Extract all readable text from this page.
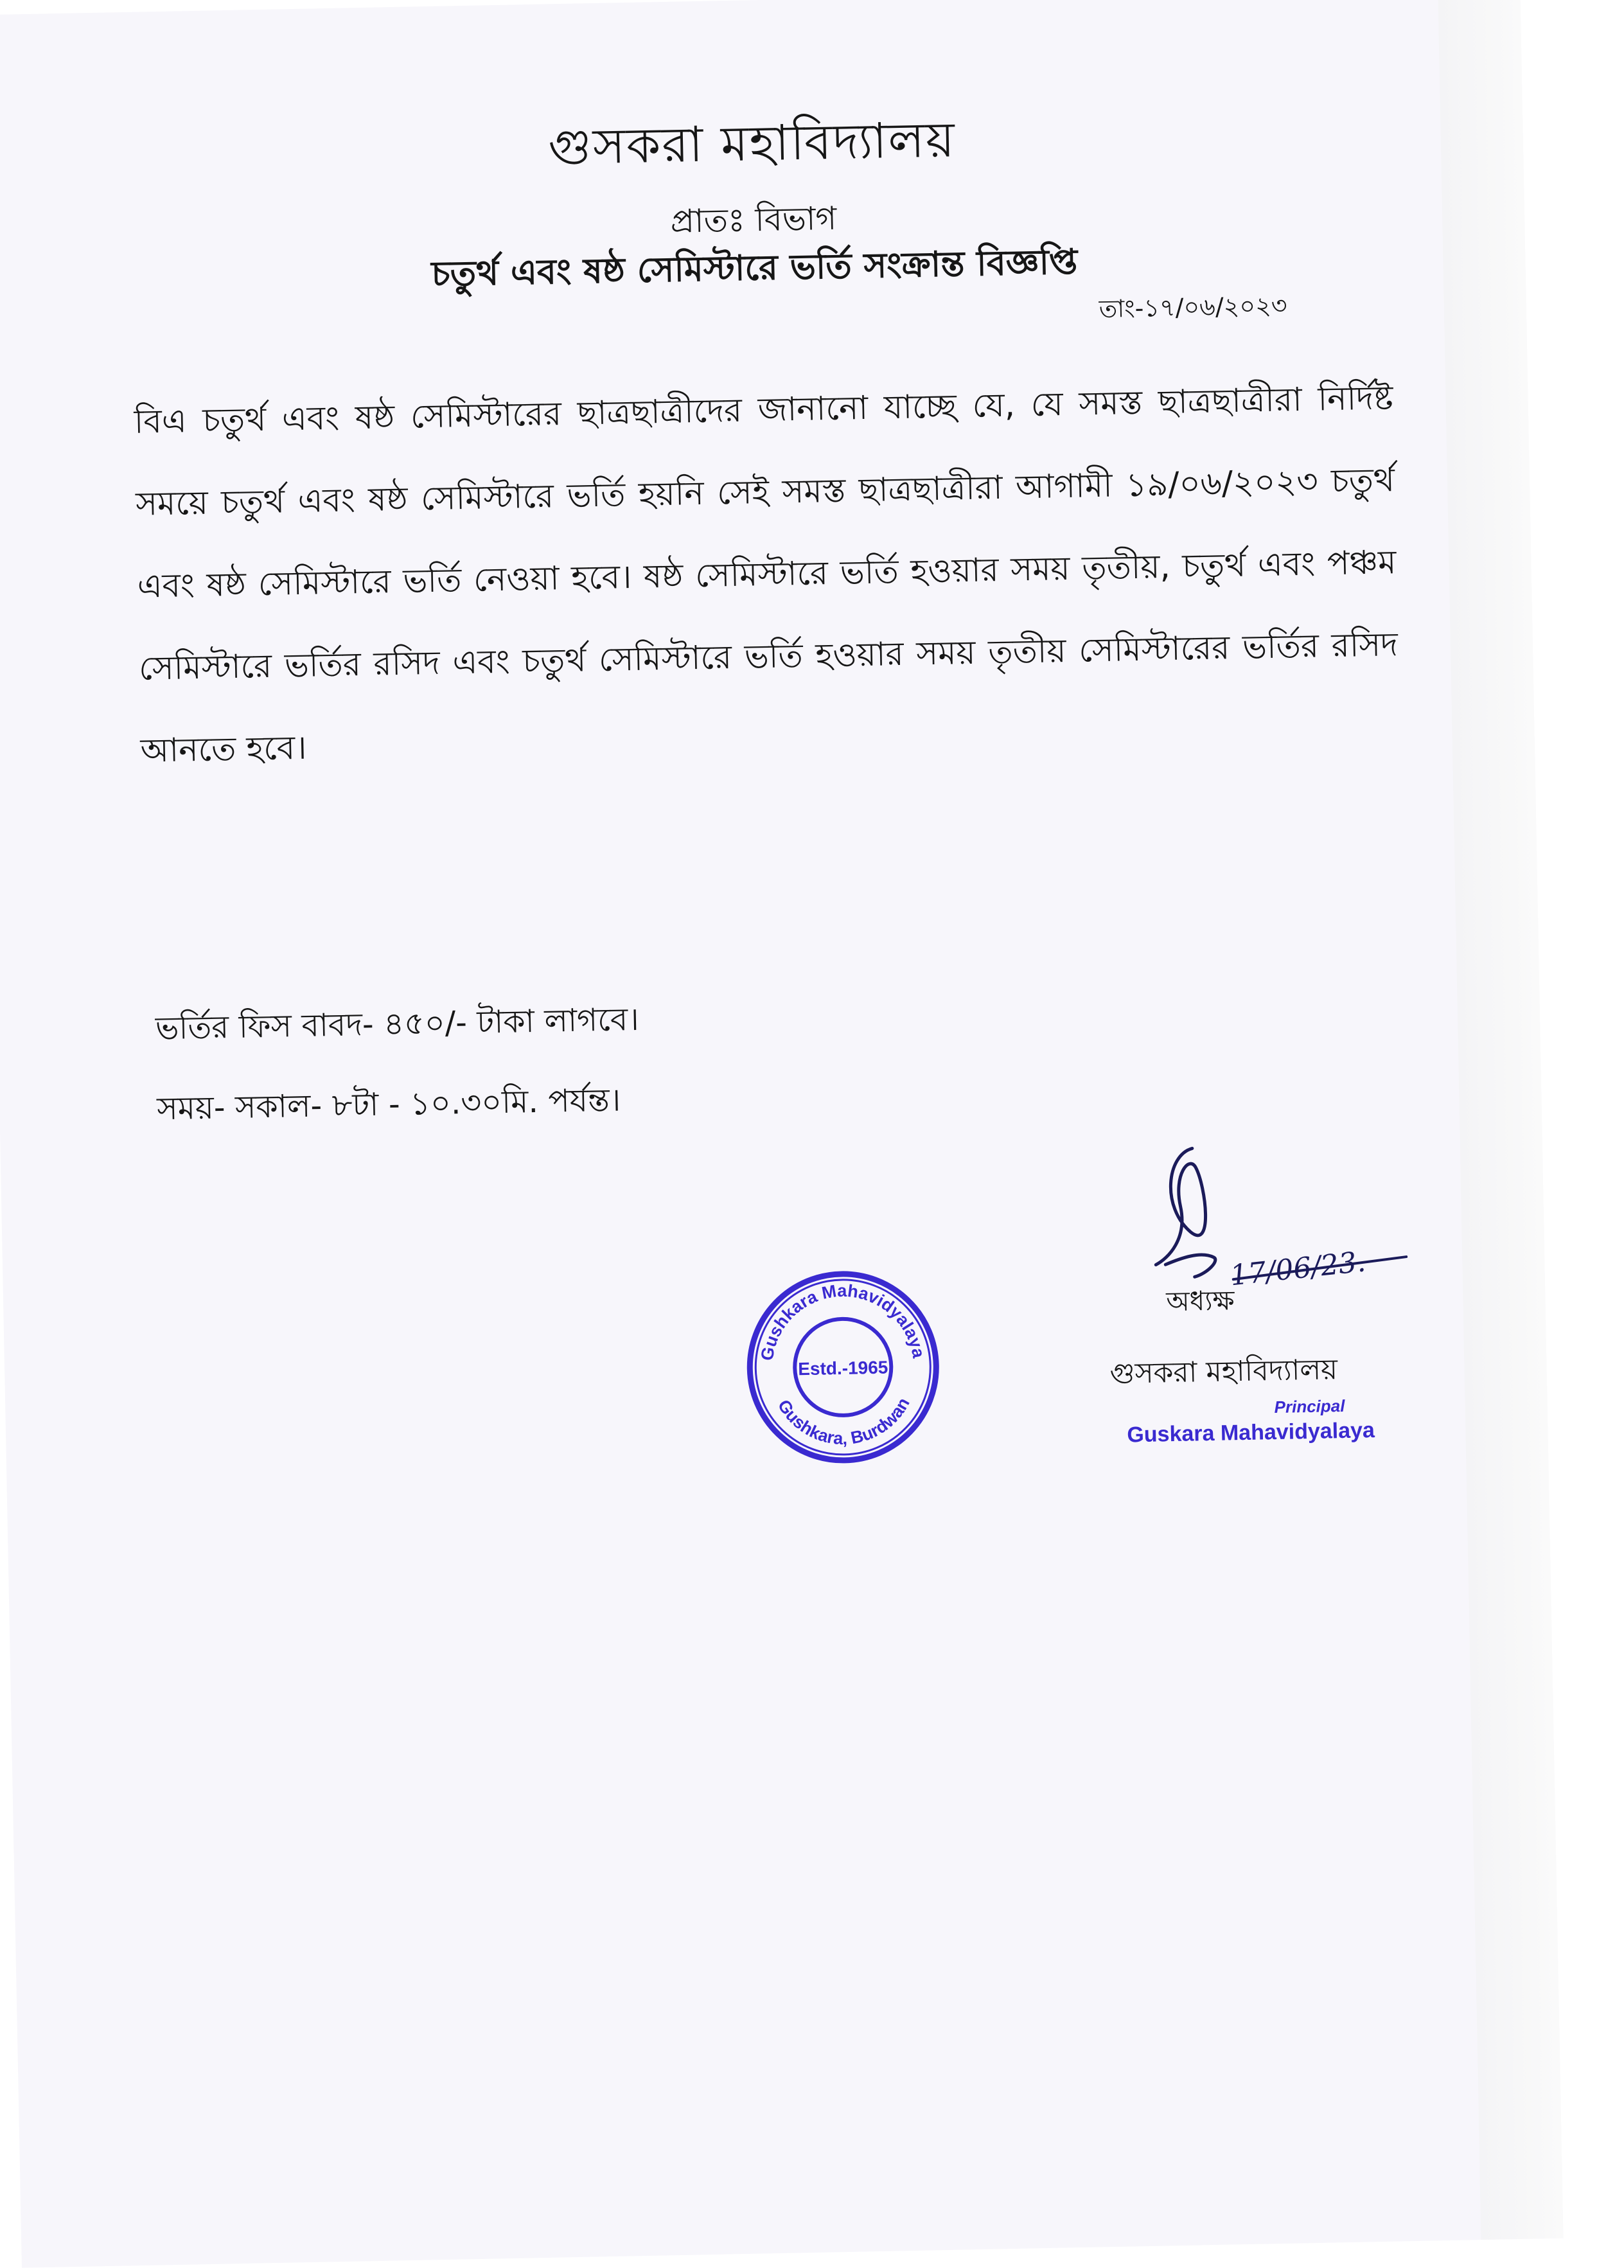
গুসকরা মহাবিদ্যালয়
প্রাতঃ বিভাগ
চতুর্থ এবং ষষ্ঠ সেমিস্টারে ভর্তি সংক্রান্ত বিজ্ঞপ্তি
তাং-১৭/০৬/২০২৩
বিএ চতুর্থ এবং ষষ্ঠ সেমিস্টারের ছাত্রছাত্রীদের জানানো যাচ্ছে যে, যে সমস্ত ছাত্রছাত্রীরা নির্দিষ্ট সময়ে চতুর্থ এবং ষষ্ঠ সেমিস্টারে ভর্তি হয়নি সেই সমস্ত ছাত্রছাত্রীরা আগামী ১৯/০৬/২০২৩ চতুর্থ এবং ষষ্ঠ সেমিস্টারে ভর্তি নেওয়া হবে। ষষ্ঠ সেমিস্টারে ভর্তি হওয়ার সময় তৃতীয়, চতুর্থ এবং পঞ্চম সেমিস্টারে ভর্তির রসিদ এবং চতুর্থ সেমিস্টারে ভর্তি হওয়ার সময় তৃতীয় সেমিস্টারের ভর্তির রসিদ আনতে হবে।
ভর্তির ফিস বাবদ- ৪৫০/- টাকা লাগবে।
সময়- সকাল- ৮টা - ১০.৩০মি. পর্যন্ত।
17/06/23.
অধ্যক্ষ
গুসকরা মহাবিদ্যালয়
Principal
Guskara Mahavidyalaya
Gushkara Mahavidyalaya
Gushkara, Burdwan
Estd.-1965
